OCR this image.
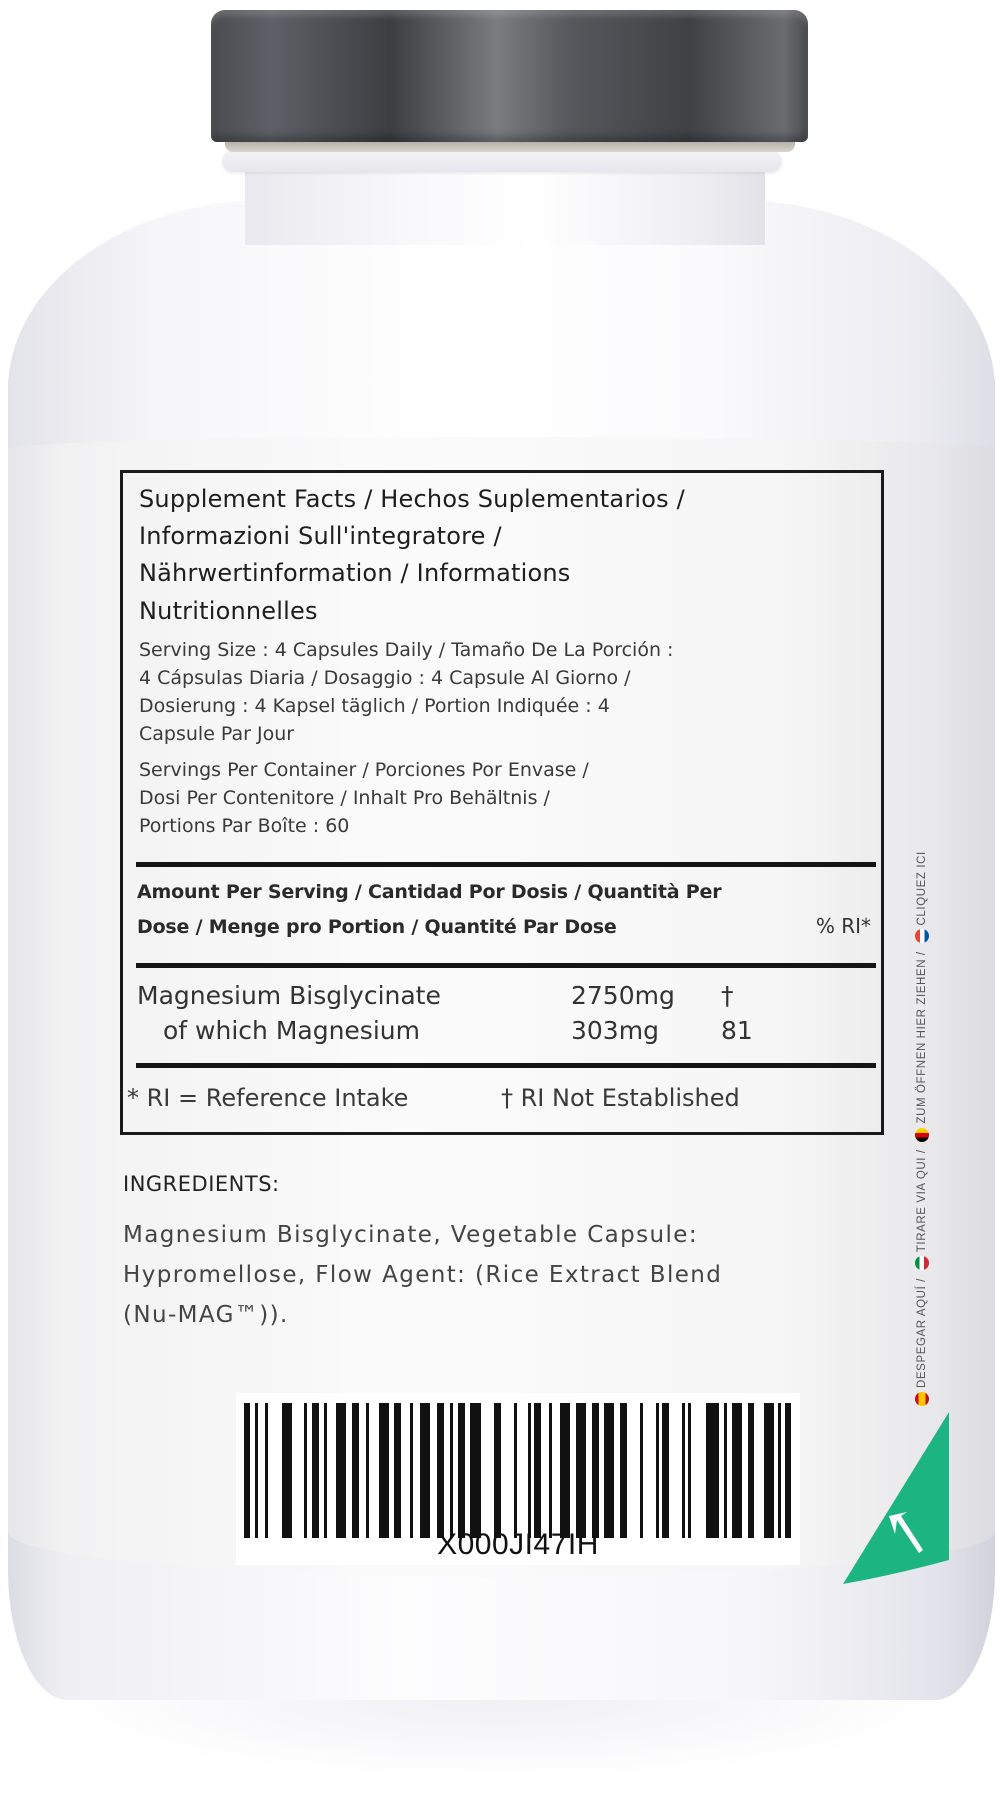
Supplement Facts / Hechos Suplementarios /
Informazioni Sull'integratore /
Nährwertinformation / Informations
Nutritionnelles
Serving Size : 4 Capsules Daily / Tamaño De La Porción :
4 Cápsulas Diaria / Dosaggio : 4 Capsule Al Giorno /
Dosierung : 4 Kapsel täglich / Portion Indiquée : 4
Capsule Par Jour
Servings Per Container / Porciones Por Envase /
Dosi Per Contenitore / Inhalt Pro Behältnis /
Portions Par Boîte : 60
Amount Per Serving / Cantidad Por Dosis / Quantità Per
Dose / Menge pro Portion / Quantité Par Dose	% RI*
Magnesium Bisglycinate	2750mg †
of which Magnesium	303mg 81
* RI = Reference Intake	† RI Not Established
INGREDIENTS:
Magnesium Bisglycinate, Vegetable Capsule:
Hypromellose, Flow Agent: (Rice Extract Blend
(Nu-MAG™)).
X000JI47IH
DESPEGAR AQUÍ / TIRARE VIA QUI / ZUM ÖFFNEN HIER ZIEHEN / CLIQUEZ ICI
